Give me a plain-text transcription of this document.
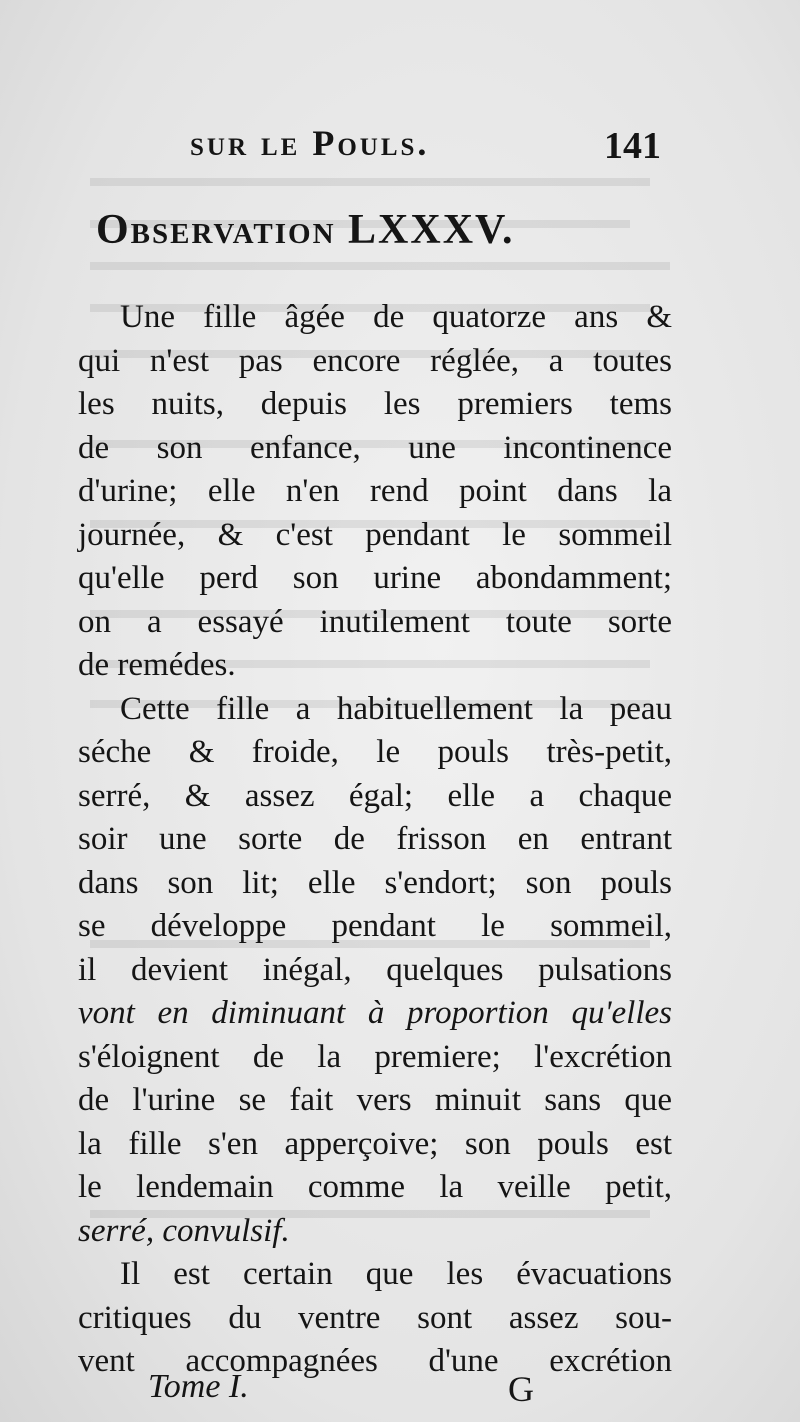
sur le Pouls.	141
Observation LXXXV.
Une fille âgée de quatorze ans &
qui n'est pas encore réglée, a toutes
les nuits, depuis les premiers tems
de son enfance, une incontinence
d'urine; elle n'en rend point dans la
journée, & c'est pendant le sommeil
qu'elle perd son urine abondamment;
on a essayé inutilement toute sorte
de remédes.
Cette fille a habituellement la peau
séche & froide, le pouls très-petit,
serré, & assez égal; elle a chaque
soir une sorte de frisson en entrant
dans son lit; elle s'endort; son pouls
se développe pendant le sommeil,
il devient inégal, quelques pulsations
vont en diminuant à proportion qu'elles
s'éloignent de la premiere; l'excrétion
de l'urine se fait vers minuit sans que
la fille s'en apperçoive; son pouls est
le lendemain comme la veille petit,
serré, convulsif.
Il est certain que les évacuations
critiques du ventre sont assez sou-
vent accompagnées d'une excrétion
Tome I.	G
